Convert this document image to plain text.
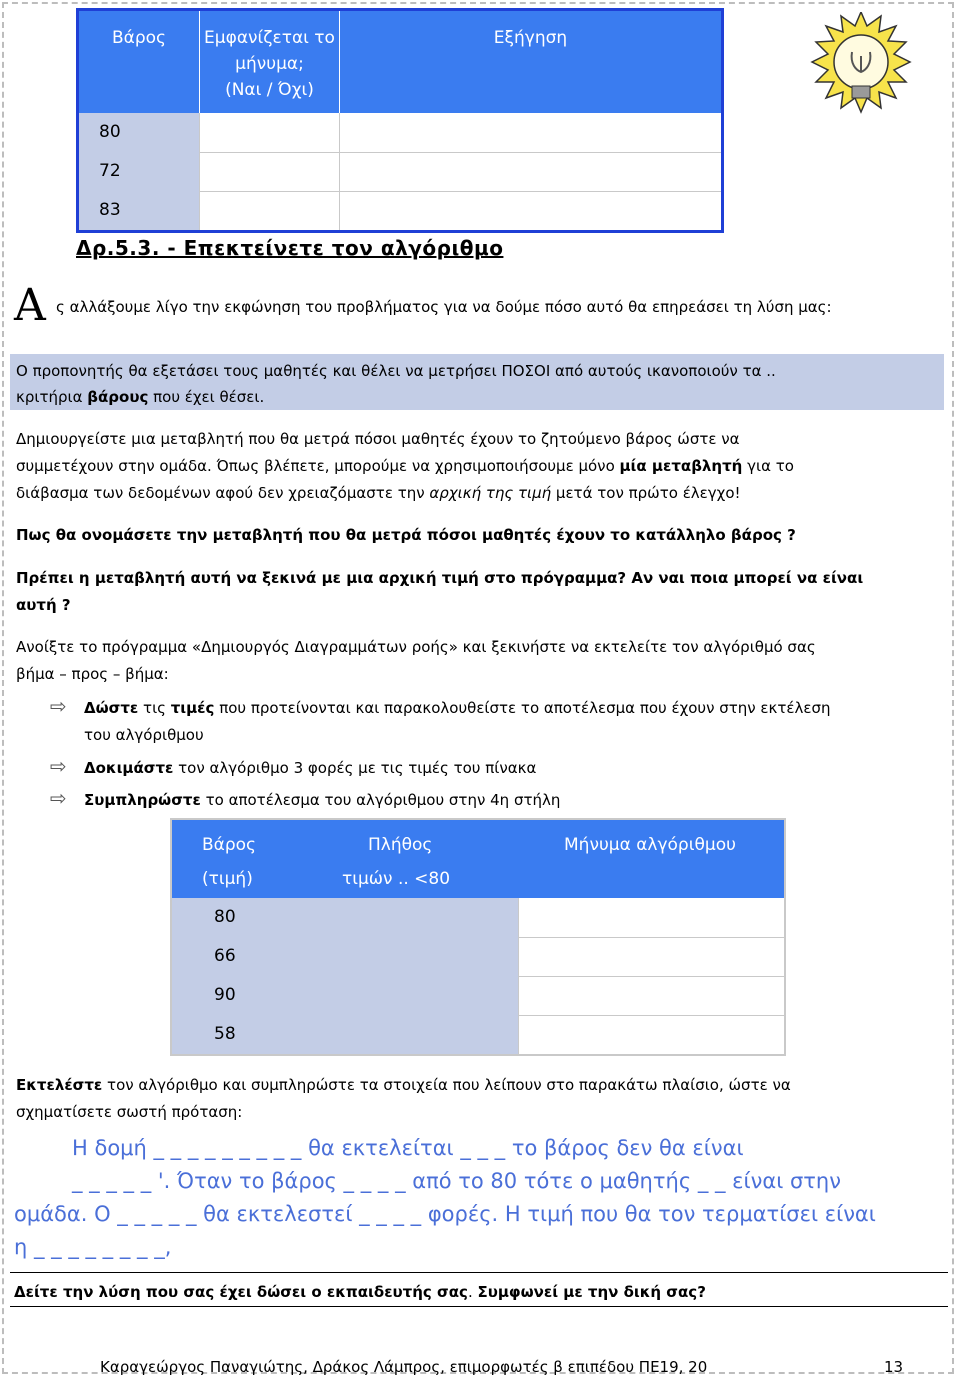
Βάρος	Εμφανίζεται το μήνυμα;
(Ναι / Όχι)
Εξήγηση
80
72
83
Δρ.5.3. - Επεκτείνετε τον αλγόριθμο
Α ς αλλάξουμε λίγο την εκφώνηση του προβλήματος για να δούμε πόσο αυτό θα επηρεάσει τη λύση μας:
Ο προπονητής θα εξετάσει τους μαθητές και θέλει να μετρήσει ΠΟΣΟΙ από αυτούς ικανοποιούν τα ..
κριτήρια βάρους που έχει θέσει.
Δημιουργείστε μια μεταβλητή που θα μετρά πόσοι μαθητές έχουν το ζητούμενο βάρος ώστε να
συμμετέχουν στην ομάδα. Όπως βλέπετε, μπορούμε να χρησιμοποιήσουμε μόνο μία μεταβλητή για το
διάβασμα των δεδομένων αφού δεν χρειαζόμαστε την αρχική της τιμή μετά τον πρώτο έλεγχο!
Πως θα ονομάσετε την μεταβλητή που θα μετρά πόσοι μαθητές έχουν το κατάλληλο βάρος ?
Πρέπει η μεταβλητή αυτή να ξεκινά με μια αρχική τιμή στο πρόγραμμα? Αν ναι ποια μπορεί να είναι
αυτή ?
Ανοίξτε το πρόγραμμα «Δημιουργός Διαγραμμάτων ροής» και ξεκινήστε να εκτελείτε τον αλγόριθμό σας
βήμα – προς – βήμα:
⇨ Δώστε τις τιμές που προτείνονται και παρακολουθείστε το αποτέλεσμα που έχουν στην εκτέλεση
του αλγόριθμου
⇨ Δοκιμάστε τον αλγόριθμο 3 φορές με τις τιμές του πίνακα
⇨ Συμπληρώστε το αποτέλεσμα του αλγόριθμου στην 4η στήλη
Βάρος
(τιμή)
Πλήθος
τιμών .. <80
Μήνυμα αλγόριθμου
80
66
90
58
Εκτελέστε τον αλγόριθμο και συμπληρώστε τα στοιχεία που λείπουν στο παρακάτω πλαίσιο, ώστε να
σχηματίσετε σωστή πρόταση:
Η δομή _ _ _ _ _ _ _ _ _ θα εκτελείται _ _ _ το βάρος δεν θα είναι
_ _ _ _ _ '. Όταν το βάρος _ _ _ _ από το 80 τότε ο μαθητής _ _ είναι στην
ομάδα. Ο _ _ _ _ _ θα εκτελεστεί _ _ _ _ φορές. Η τιμή που θα τον τερματίσει είναι
η _ _ _ _ _ _ _ _,
Δείτε την λύση που σας έχει δώσει ο εκπαιδευτής σας. Συμφωνεί με την δική σας?
Καραγεώργος Παναγιώτης, Δράκος Λάμπρος, επιμορφωτές β επιπέδου ΠΕ19, 20	13
